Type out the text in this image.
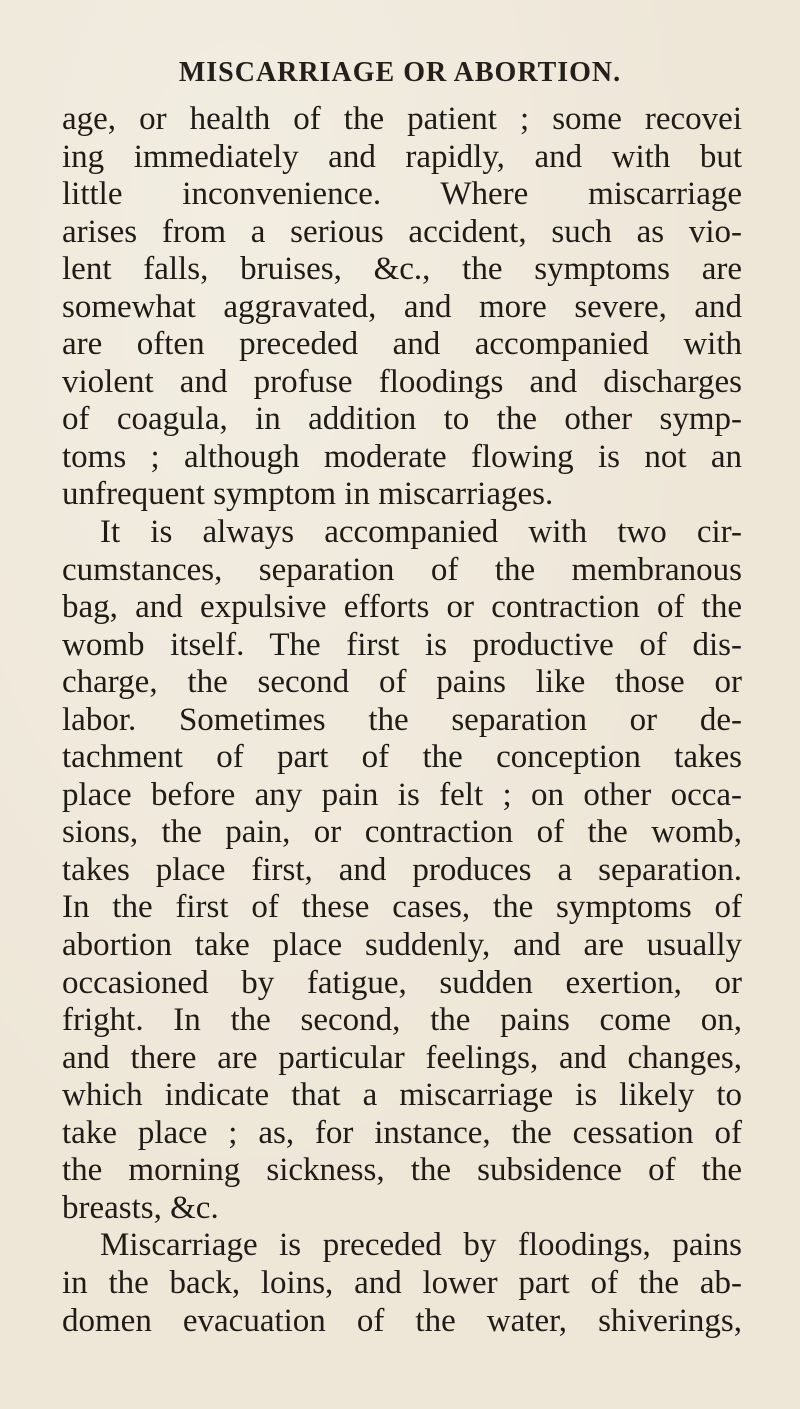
MISCARRIAGE OR ABORTION.
age, or health of the patient ; some recovei
ing immediately and rapidly, and with but
little inconvenience. Where miscarriage
arises from a serious accident, such as vio-
lent falls, bruises, &c., the symptoms are
somewhat aggravated, and more severe, and
are often preceded and accompanied with
violent and profuse floodings and discharges
of coagula, in addition to the other symp-
toms ; although moderate flowing is not an
unfrequent symptom in miscarriages.
It is always accompanied with two cir-
cumstances, separation of the membranous
bag, and expulsive efforts or contraction of the
womb itself. The first is productive of dis-
charge, the second of pains like those or
labor. Sometimes the separation or de-
tachment of part of the conception takes
place before any pain is felt ; on other occa-
sions, the pain, or contraction of the womb,
takes place first, and produces a separation.
In the first of these cases, the symptoms of
abortion take place suddenly, and are usually
occasioned by fatigue, sudden exertion, or
fright. In the second, the pains come on,
and there are particular feelings, and changes,
which indicate that a miscarriage is likely to
take place ; as, for instance, the cessation of
the morning sickness, the subsidence of the
breasts, &c.
Miscarriage is preceded by floodings, pains
in the back, loins, and lower part of the ab-
domen evacuation of the water, shiverings,
